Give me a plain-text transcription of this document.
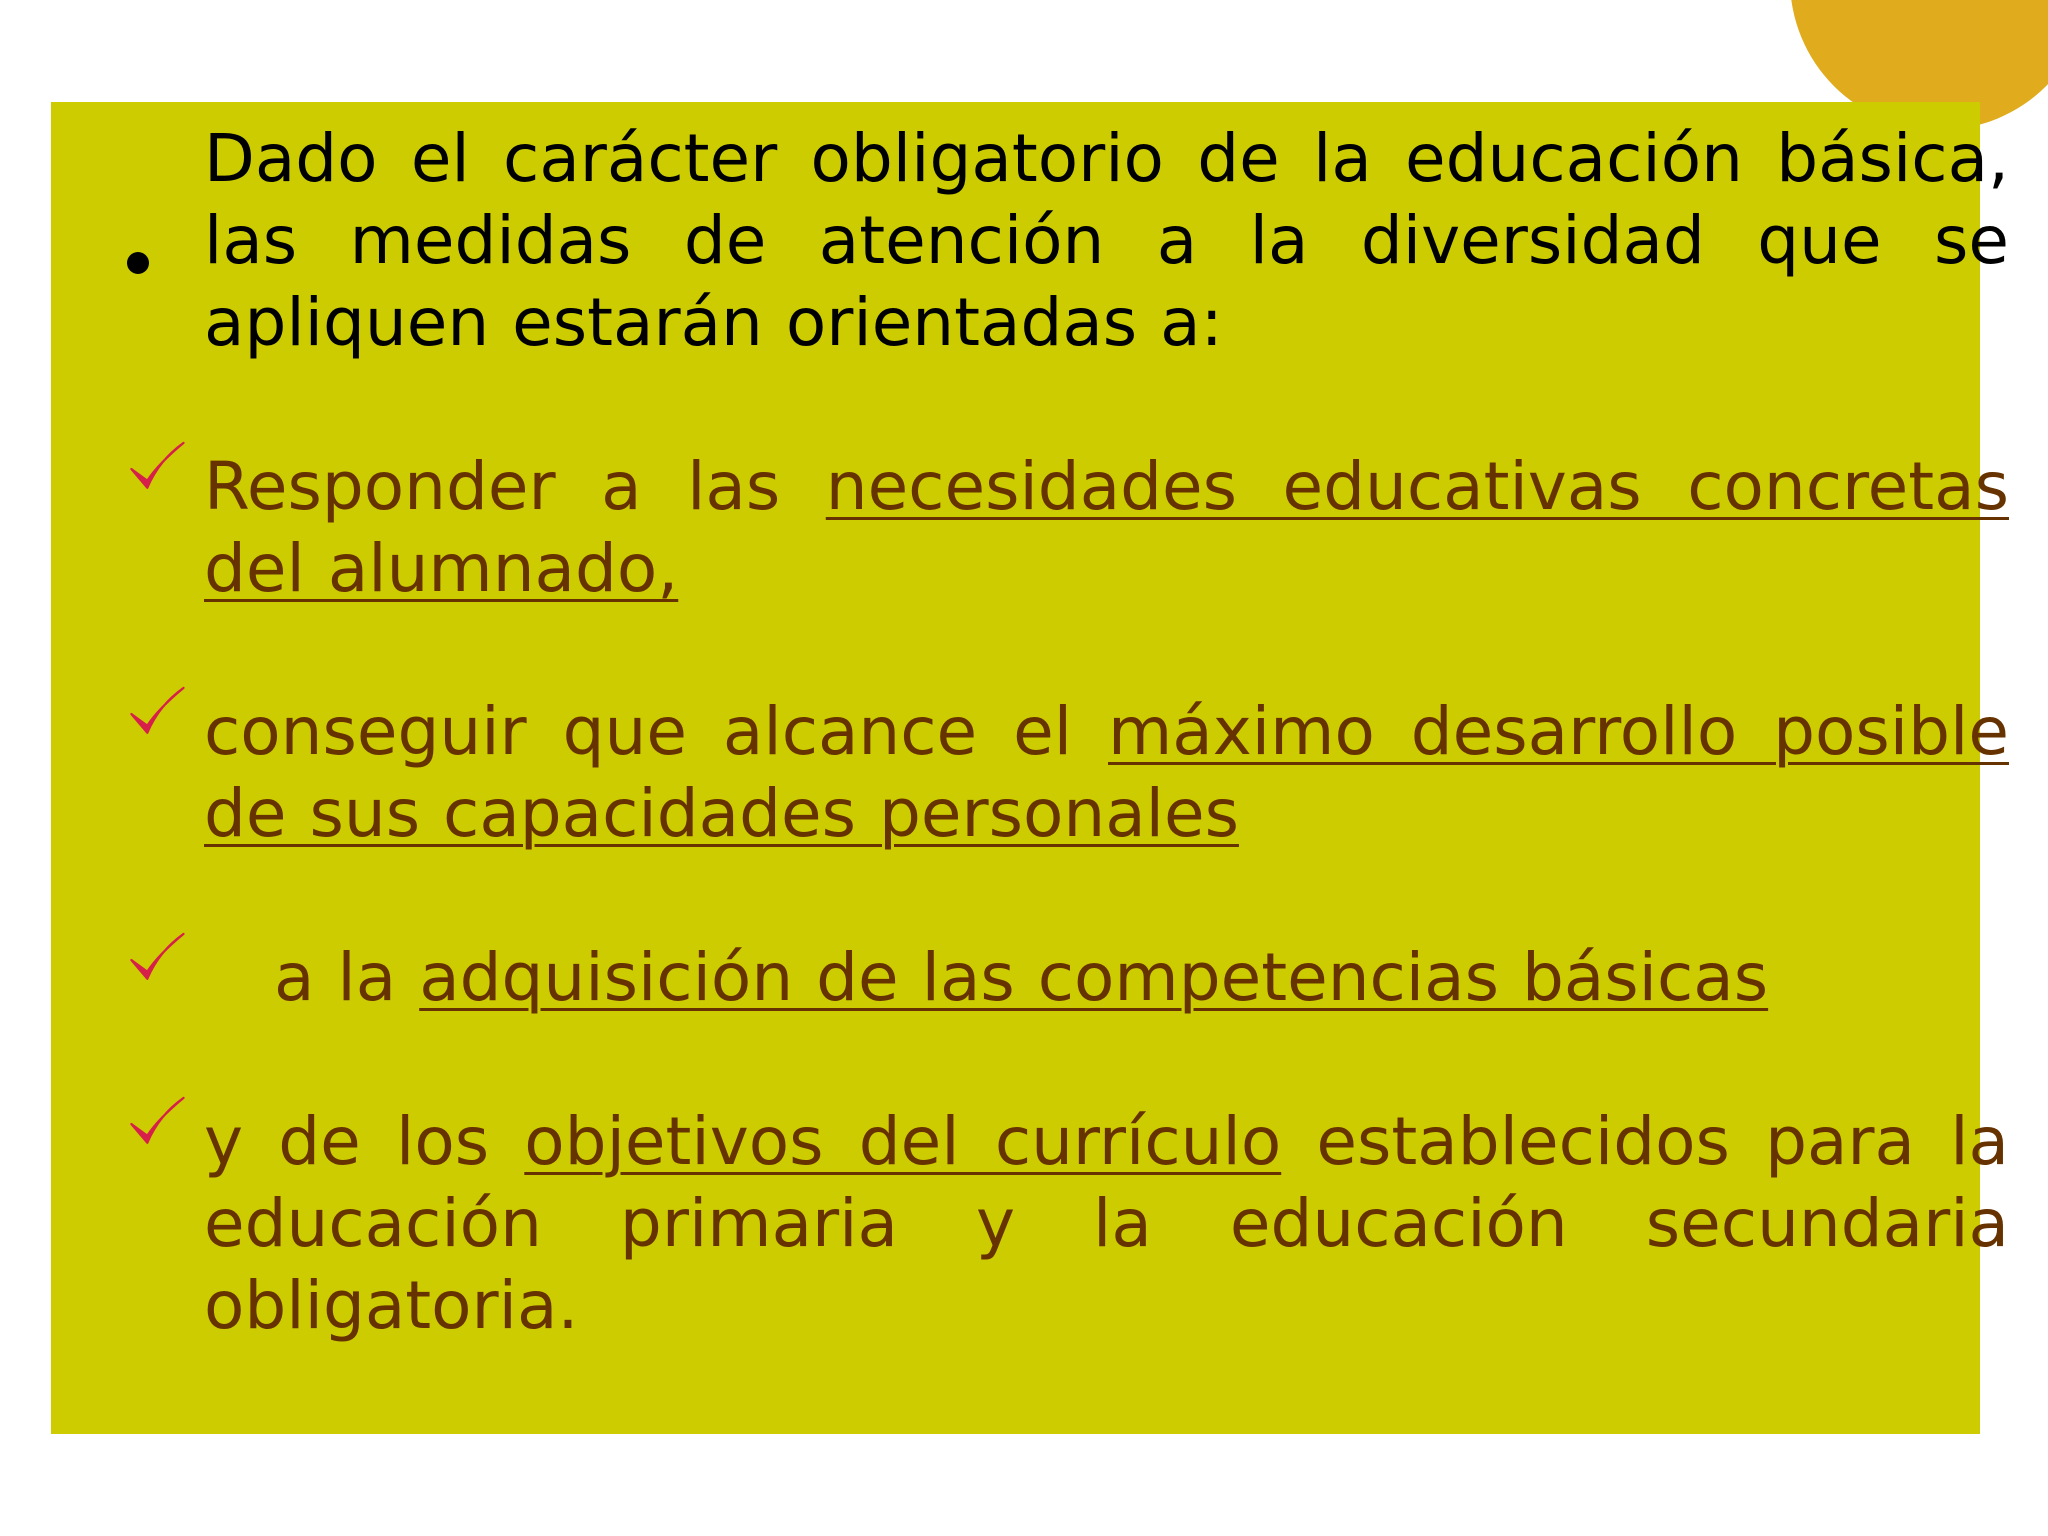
Dado el carácter obligatorio de la educación básica, las medidas de atención a la diversidad que se apliquen estarán orientadas a:
Responder a las necesidades educativas concretas del alumnado,
conseguir que alcance el máximo desarrollo posible de sus capacidades personales
a la adquisición de las competencias básicas
y de los objetivos del currículo establecidos para la educación primaria y la educación secundaria obligatoria.
